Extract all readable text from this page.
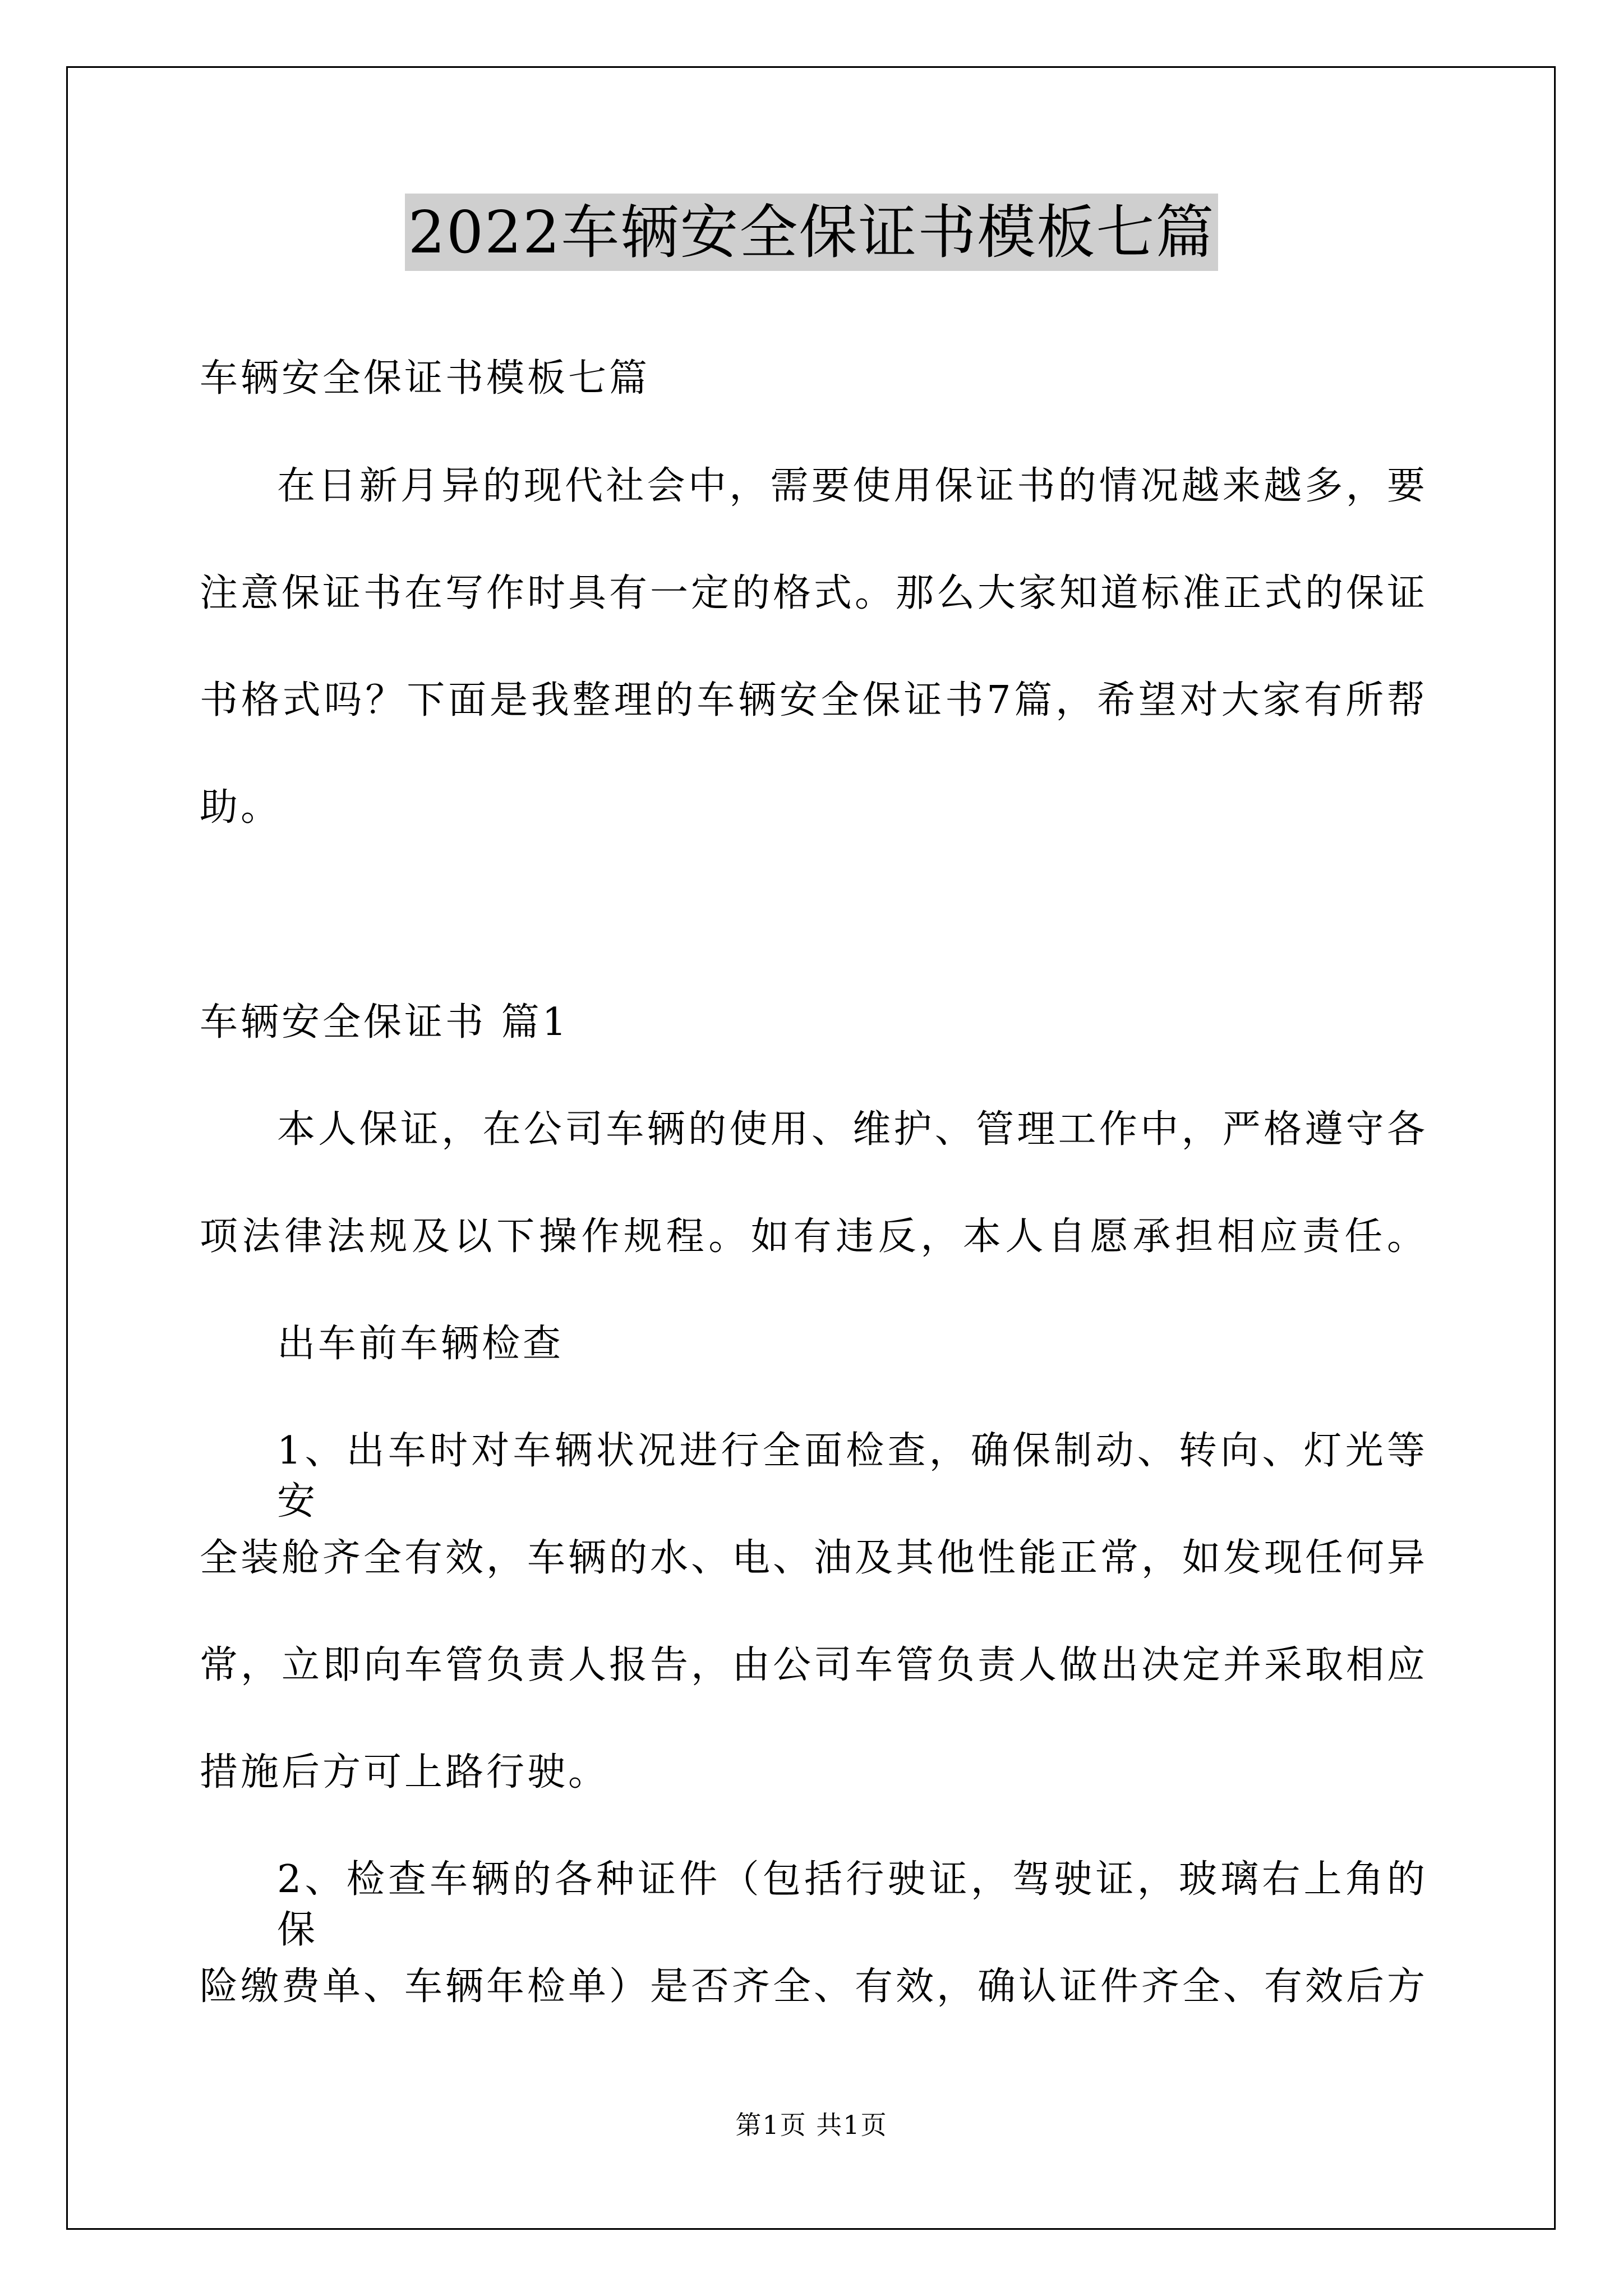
2022车辆安全保证书模板七篇
车辆安全保证书模板七篇
在日新月异的现代社会中，需要使用保证书的情况越来越多，要
注意保证书在写作时具有一定的格式。那么大家知道标准正式的保证
书格式吗？下面是我整理的车辆安全保证书7篇，希望对大家有所帮
助。
车辆安全保证书 篇1
本人保证，在公司车辆的使用、维护、管理工作中，严格遵守各
项法律法规及以下操作规程。如有违反，本人自愿承担相应责任。
出车前车辆检查
1、出车时对车辆状况进行全面检查，确保制动、转向、灯光等安
全装舱齐全有效，车辆的水、电、油及其他性能正常，如发现任何异
常，立即向车管负责人报告，由公司车管负责人做出决定并采取相应
措施后方可上路行驶。
2、检查车辆的各种证件（包括行驶证，驾驶证，玻璃右上角的保
险缴费单、车辆年检单）是否齐全、有效，确认证件齐全、有效后方
第1页 共1页
